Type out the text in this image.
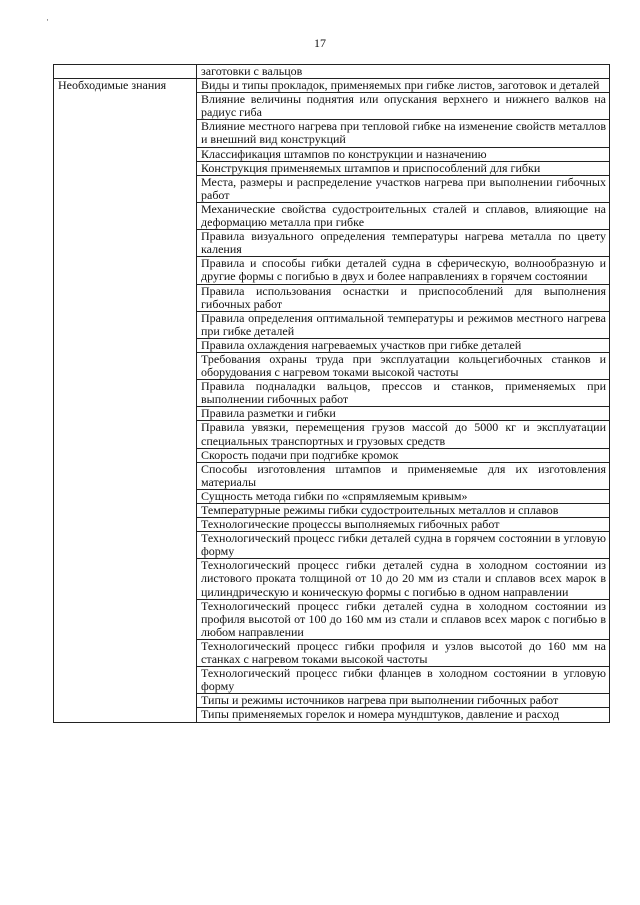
·
17
	заготовки с вальцов
Необходимые знания	Виды и типы прокладок, применяемых при гибке листов, заготовок и деталей
	Влияние величины поднятия или опускания верхнего и нижнего валков на радиус гиба
	Влияние местного нагрева при тепловой гибке на изменение свойств металлов и внешний вид конструкций
	Классификация штампов по конструкции и назначению
	Конструкция применяемых штампов и приспособлений для гибки
	Места, размеры и распределение участков нагрева при выполнении гибочных работ
	Механические свойства судостроительных сталей и сплавов, влияющие на деформацию металла при гибке
	Правила визуального определения температуры нагрева металла по цвету каления
	Правила и способы гибки деталей судна в сферическую, волнообразную и другие формы с погибью в двух и более направлениях в горячем состоянии
	Правила использования оснастки и приспособлений для выполнения гибочных работ
	Правила определения оптимальной температуры и режимов местного нагрева при гибке деталей
	Правила охлаждения нагреваемых участков при гибке деталей
	Требования охраны труда при эксплуатации кольцегибочных станков и оборудования с нагревом токами высокой частоты
	Правила подналадки вальцов, прессов и станков, применяемых при выполнении гибочных работ
	Правила разметки и гибки
	Правила увязки, перемещения грузов массой до 5000 кг и эксплуатации специальных транспортных и грузовых средств
	Скорость подачи при подгибке кромок
	Способы изготовления штампов и применяемые для их изготовления материалы
	Сущность метода гибки по «спрямляемым кривым»
	Температурные режимы гибки судостроительных металлов и сплавов
	Технологические процессы выполняемых гибочных работ
	Технологический процесс гибки деталей судна в горячем состоянии в угловую форму
	Технологический процесс гибки деталей судна в холодном состоянии из листового проката толщиной от 10 до 20 мм из стали и сплавов всех марок в цилиндрическую и коническую формы с погибью в одном направлении
	Технологический процесс гибки деталей судна в холодном состоянии из профиля высотой от 100 до 160 мм из стали и сплавов всех марок с погибью в любом направлении
	Технологический процесс гибки профиля и узлов высотой до 160 мм на станках с нагревом токами высокой частоты
	Технологический процесс гибки фланцев в холодном состоянии в угловую форму
	Типы и режимы источников нагрева при выполнении гибочных работ
	Типы применяемых горелок и номера мундштуков, давление и расход
